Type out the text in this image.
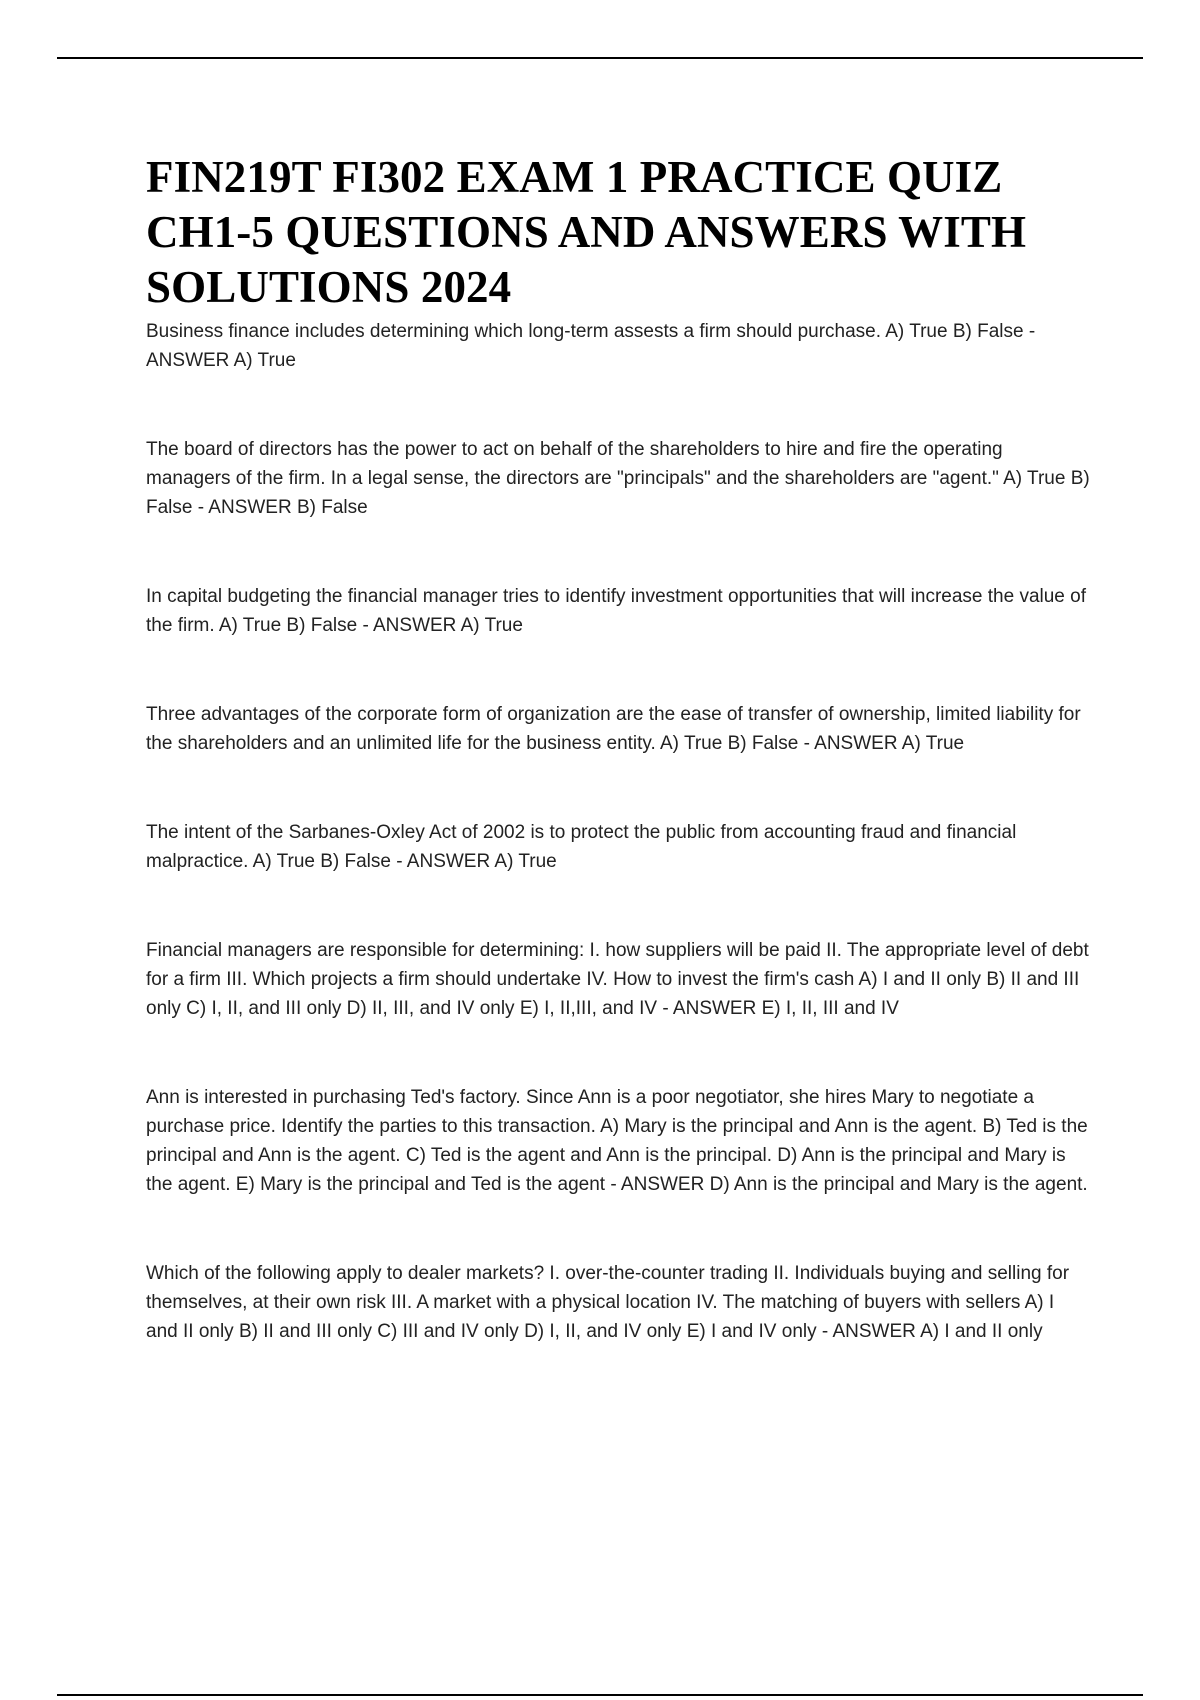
FIN219T FI302 EXAM 1 PRACTICE QUIZ CH1-5 QUESTIONS AND ANSWERS WITH SOLUTIONS 2024

Business finance includes determining which long-term assests a firm should purchase. A) True B) False - ANSWER A) True

The board of directors has the power to act on behalf of the shareholders to hire and fire the operating managers of the firm. In a legal sense, the directors are "principals" and the shareholders are "agent." A) True B) False - ANSWER B) False

In capital budgeting the financial manager tries to identify investment opportunities that will increase the value of the firm. A) True B) False - ANSWER A) True

Three advantages of the corporate form of organization are the ease of transfer of ownership, limited liability for the shareholders and an unlimited life for the business entity. A) True B) False - ANSWER A) True

The intent of the Sarbanes-Oxley Act of 2002 is to protect the public from accounting fraud and financial malpractice. A) True B) False - ANSWER A) True

Financial managers are responsible for determining: I. how suppliers will be paid II. The appropriate level of debt for a firm III. Which projects a firm should undertake IV. How to invest the firm's cash A) I and II only B) II and III only C) I, II, and III only D) II, III, and IV only E) I, II,III, and IV - ANSWER E) I, II, III and IV

Ann is interested in purchasing Ted's factory. Since Ann is a poor negotiator, she hires Mary to negotiate a purchase price. Identify the parties to this transaction. A) Mary is the principal and Ann is the agent. B) Ted is the principal and Ann is the agent. C) Ted is the agent and Ann is the principal. D) Ann is the principal and Mary is the agent. E) Mary is the principal and Ted is the agent - ANSWER D) Ann is the principal and Mary is the agent.

Which of the following apply to dealer markets? I. over-the-counter trading II. Individuals buying and selling for themselves, at their own risk III. A market with a physical location IV. The matching of buyers with sellers A) I and II only B) II and III only C) III and IV only D) I, II, and IV only E) I and IV only - ANSWER A) I and II only
